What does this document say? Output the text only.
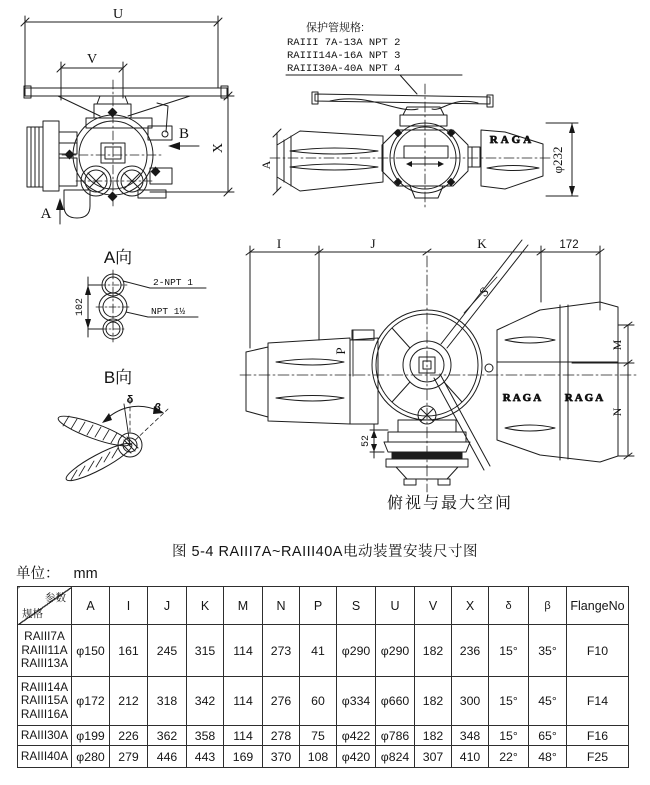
U
V
X
B
A
保护管规格:
RAIII 7A-13A NPT 2
RAIII14A-16A NPT 3
RAIII30A-40A NPT 4
RAGA
A	φ232
A向
102
2-NPT 1
NPT 1½
B向
δ
β
I	J	K	172
S
RAGA RAGA
52
P
M
N
俯视与最大空间
图 5-4 RAIII7A~RAIII40A电动装置安装尺寸图
单位： mm
参数
规格	A	I	J	K	M	N	P	S	U	V	X	δ	β	FlangeNo

RAIII7A
RAIII11A
RAIII13A	φ150	161	245	315	114	273	41	φ290	φ290	182	236	15°	35°	F10

RAIII14A
RAIII15A
RAIII16A	φ172	212	318	342	114	276	60	φ334	φ660	182	300	15°	45°	F14

RAIII30A	φ199	226	362	358	114	278	75	φ422	φ786	182	348	15°	65°	F16

RAIII40A	φ280	279	446	443	169	370	108	φ420	φ824	307	410	22°	48°	F25
